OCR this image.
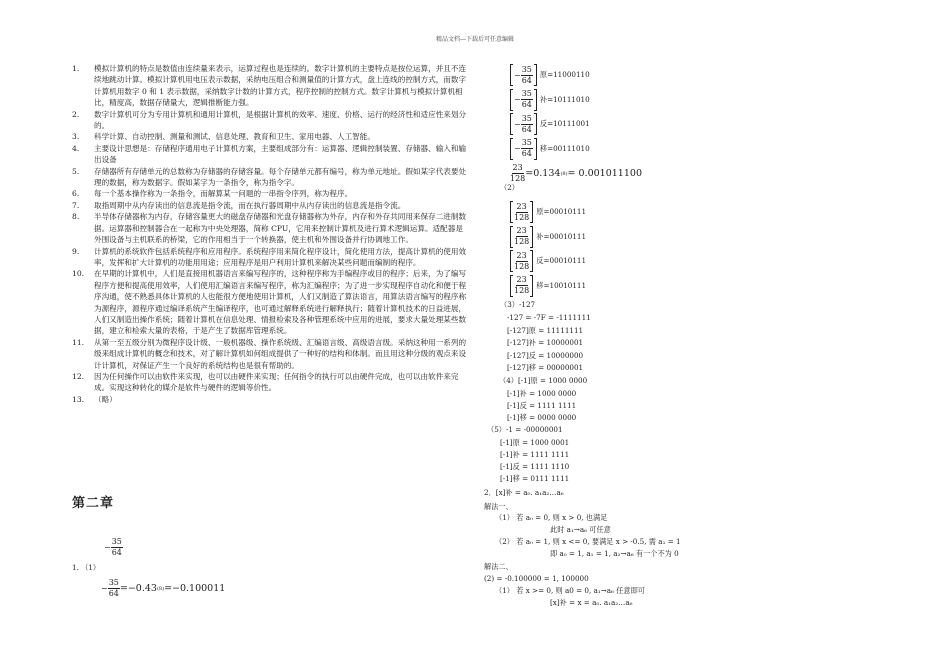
精品文档---下载后可任意编辑
1. 模拟计算机的特点是数值由连续量来表示，运算过程也是连续的。数字计算机的主要特点是按位运算，并且不连续地跳动计算。模拟计算机用电压表示数据，采纳电压组合和测量值的计算方式，盘上连线的控制方式，而数字计算机用数字 0 和 1 表示数据，采纳数字计数的计算方式，程序控制的控制方式。数字计算机与模拟计算机相比，精度高，数据存储量大，逻辑推断能力强。
2. 数字计算机可分为专用计算机和通用计算机，是根据计算机的效率、速度、价格、运行的经济性和适应性来划分的。
3. 科学计算、自动控制、测量和测试、信息处理、教育和卫生、家用电器、人工智能。
4. 主要设计思想是：存储程序通用电子计算机方案，主要组成部分有：运算器、逻辑控制装置、存储器、输入和输出设备
5. 存储器所有存储单元的总数称为存储器的存储容量。每个存储单元都有编号，称为单元地址。假如某字代表要处理的数据，称为数据字。假如某字为一条指令，称为指令字。
6. 每一个基本操作称为一条指令，而解算某一问题的一串指令序列，称为程序。
7. 取指周期中从内存读出的信息流是指令流，而在执行器周期中从内存读出的信息流是指令流。
8. 半导体存储器称为内存，存储容量更大的磁盘存储器和光盘存储器称为外存，内存和外存共同用来保存二进制数据。运算器和控制器合在一起称为中央处理器，简称 CPU，它用来控制计算机及进行算术逻辑运算。适配器是外围设备与主机联系的桥梁，它的作用相当于一个转换器，使主机和外围设备并行协调地工作。
9. 计算机的系统软件包括系统程序和应用程序。系统程序用来简化程序设计，简化使用方法，提高计算机的使用效率，发挥和扩大计算机的功能用用途；应用程序是用户利用计算机来解决某些问题而编制的程序。
10. 在早期的计算机中，人们是直接用机器语言来编写程序的，这种程序称为手编程序或目的程序；后来，为了编写程序方便和提高使用效率，人们使用汇编语言来编写程序，称为汇编程序；为了进一步实现程序自动化和便于程序沟通，使不熟悉具体计算机的人也能很方便地使用计算机，人们又制造了算法语言，用算法语言编写的程序称为源程序，源程序通过编译系统产生编译程序，也可通过解释系统进行解释执行；随着计算机技术的日益进展，人们又制造出操作系统；随着计算机在信息处理、情报检索及各种管理系统中应用的进展，要求大量处理某些数据，建立和检索大量的表格，于是产生了数据库管理系统。
11. 从第一至五级分别为微程序设计级、一般机器级、操作系统级、汇编语言级、高级语言级。采纳这种用一系列的级来组成计算机的概念和技术，对了解计算机如何组成提供了一种好的结构和体制。而且用这种分级的观点来设计计算机，对保证产生一个良好的系统结构也是很有帮助的。
12. 因为任何操作可以由软件来实现，也可以由硬件来实现；任何指令的执行可以由硬件完成，也可以由软件来完成。实现这种转化的媒介是软件与硬件的逻辑等价性。
13. （略）
第二章
− $\frac{35}{64}$
1. （1）
− $\frac{35}{64} =-0.43$ (8) =−0.100011
− $\frac{35}{64}$ 原=11000110
− $\frac{35}{64}$ 补=10111010
− $\frac{35}{64}$ 反=10111001
− $\frac{35}{64}$ 移=00111010
$\frac{23}{128} =0.134$ (8) = 0.001011100
（2）
$\frac{23}{128}$ 原=00010111
$\frac{23}{128}$ 补=00010111
$\frac{23}{128}$ 反=00010111
$\frac{23}{128}$ 移=10010111
（3）-127
-127 = -7F = -1111111
[-127]原 = 11111111
[-127]补 = 10000001
[-127]反 = 10000000
[-127]移 = 00000001
（4）[-1]原 = 1000 0000
[-1]补 = 1000 0000
[-1]反 = 1111 1111
[-1]移 = 0000 0000
（5）-1 = -00000001
[-1]原 = 1000 0001
[-1]补 = 1111 1111
[-1]反 = 1111 1110
[-1]移 = 0111 1111
2．[x]补 = a₀. a₁a₂…a₆
解法一、
（1） 若 a₀ = 0, 则 x > 0, 也满足
此时 a₁→a₆ 可任意
（2） 若 a₀ = 1, 则 x <= 0, 要满足 x > -0.5, 需 a₁ = 1
即 a₀ = 1, a₁ = 1, a₂→a₆ 有一个不为 0
解法二、
(2) = -0.100000 = 1, 100000
（1） 若 x >= 0, 则 a0 = 0, a₁→a₆ 任意即可
[x]补 = x = a₀. a₁a₂…a₆
